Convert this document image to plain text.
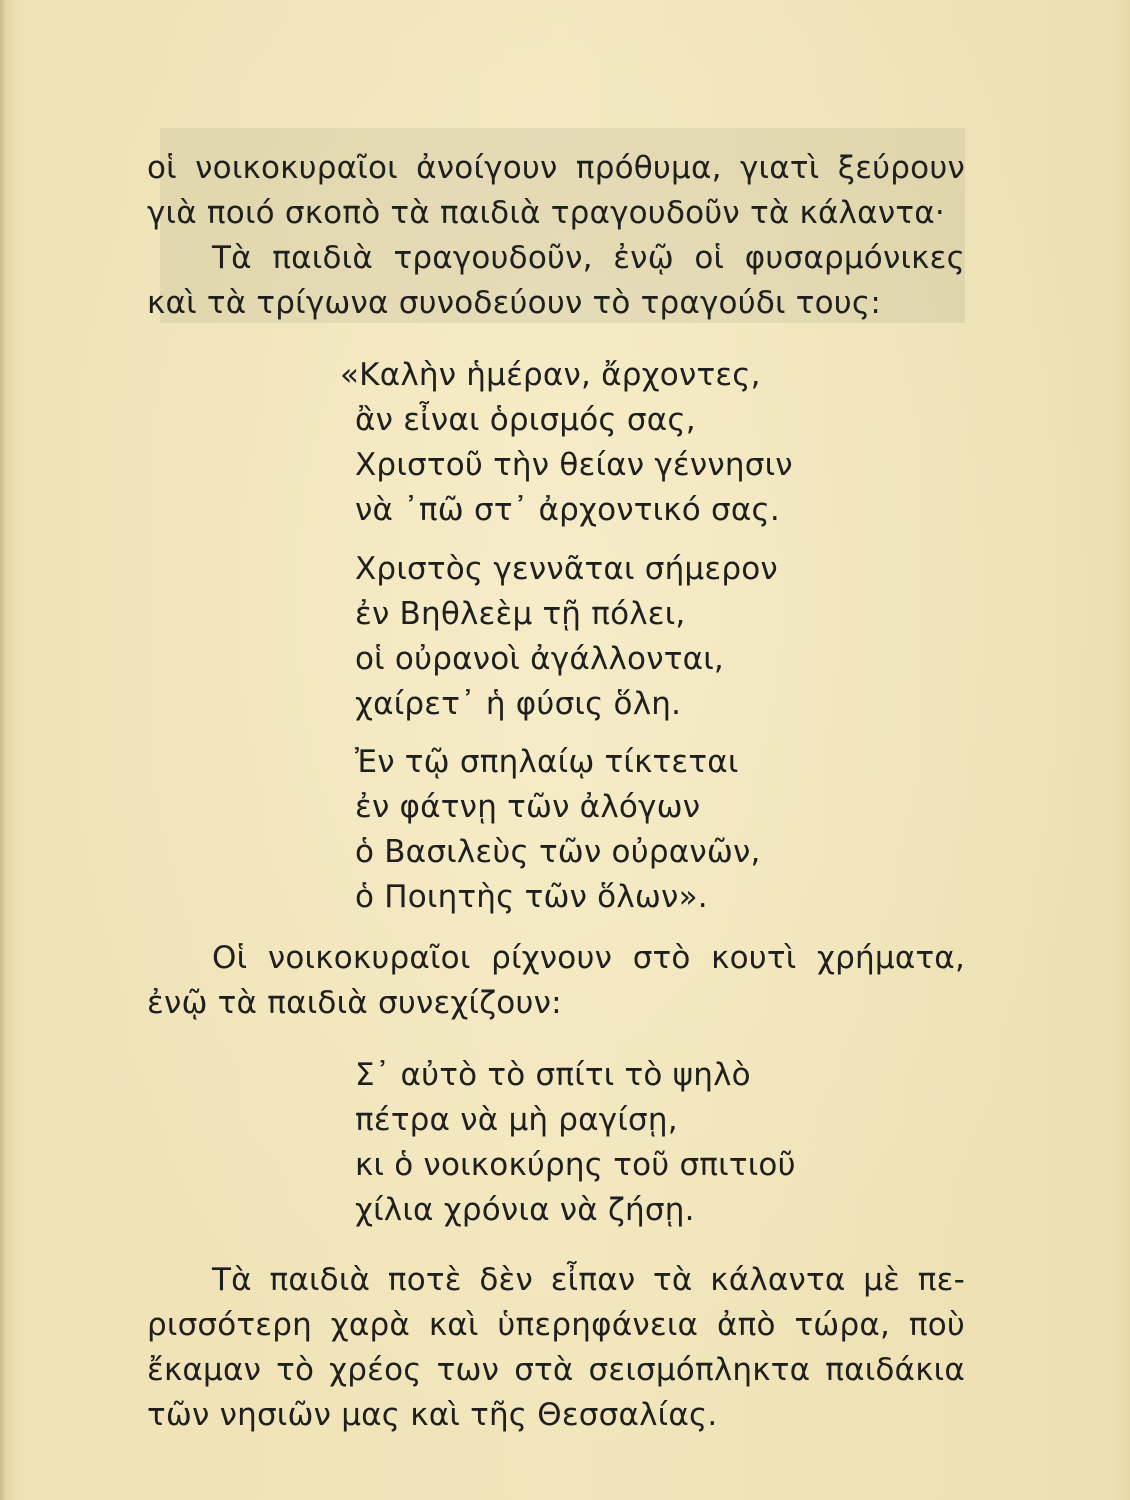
οἱ νοικοκυραῖοι ἀνοίγουν πρόθυμα, γιατὶ ξεύρουν
γιὰ ποιό σκοπὸ τὰ παιδιὰ τραγουδοῦν τὰ κάλαντα·
Τὰ παιδιὰ τραγουδοῦν, ἐνῷ οἱ φυσαρμόνικες
καὶ τὰ τρίγωνα συνοδεύουν τὸ τραγούδι τους:
«Καλὴν ἡμέραν, ἄρχοντες,
ἂν εἶναι ὁρισμός σας,
Χριστοῦ τὴν θείαν γέννησιν
νὰ ᾽πῶ στ᾽ ἀρχοντικό σας.
Χριστὸς γεννᾶται σήμερον
ἐν Βηθλεὲμ τῇ πόλει,
οἱ οὐρανοὶ ἀγάλλονται,
χαίρετ᾽ ἡ φύσις ὅλη.
Ἐν τῷ σπηλαίῳ τίκτεται
ἐν φάτνῃ τῶν ἀλόγων
ὁ Βασιλεὺς τῶν οὐρανῶν,
ὁ Ποιητὴς τῶν ὅλων».
Οἱ νοικοκυραῖοι ρίχνουν στὸ κουτὶ χρήματα,
ἐνῷ τὰ παιδιὰ συνεχίζουν:
Σ᾽ αὐτὸ τὸ σπίτι τὸ ψηλὸ
πέτρα νὰ μὴ ραγίσῃ,
κι ὁ νοικοκύρης τοῦ σπιτιοῦ
χίλια χρόνια νὰ ζήσῃ.
Τὰ παιδιὰ ποτὲ δὲν εἶπαν τὰ κάλαντα μὲ πε-
ρισσότερη χαρὰ καὶ ὑπερηφάνεια ἀπὸ τώρα, ποὺ
ἔκαμαν τὸ χρέος των στὰ σεισμόπληκτα παιδάκια
τῶν νησιῶν μας καὶ τῆς Θεσσαλίας.
